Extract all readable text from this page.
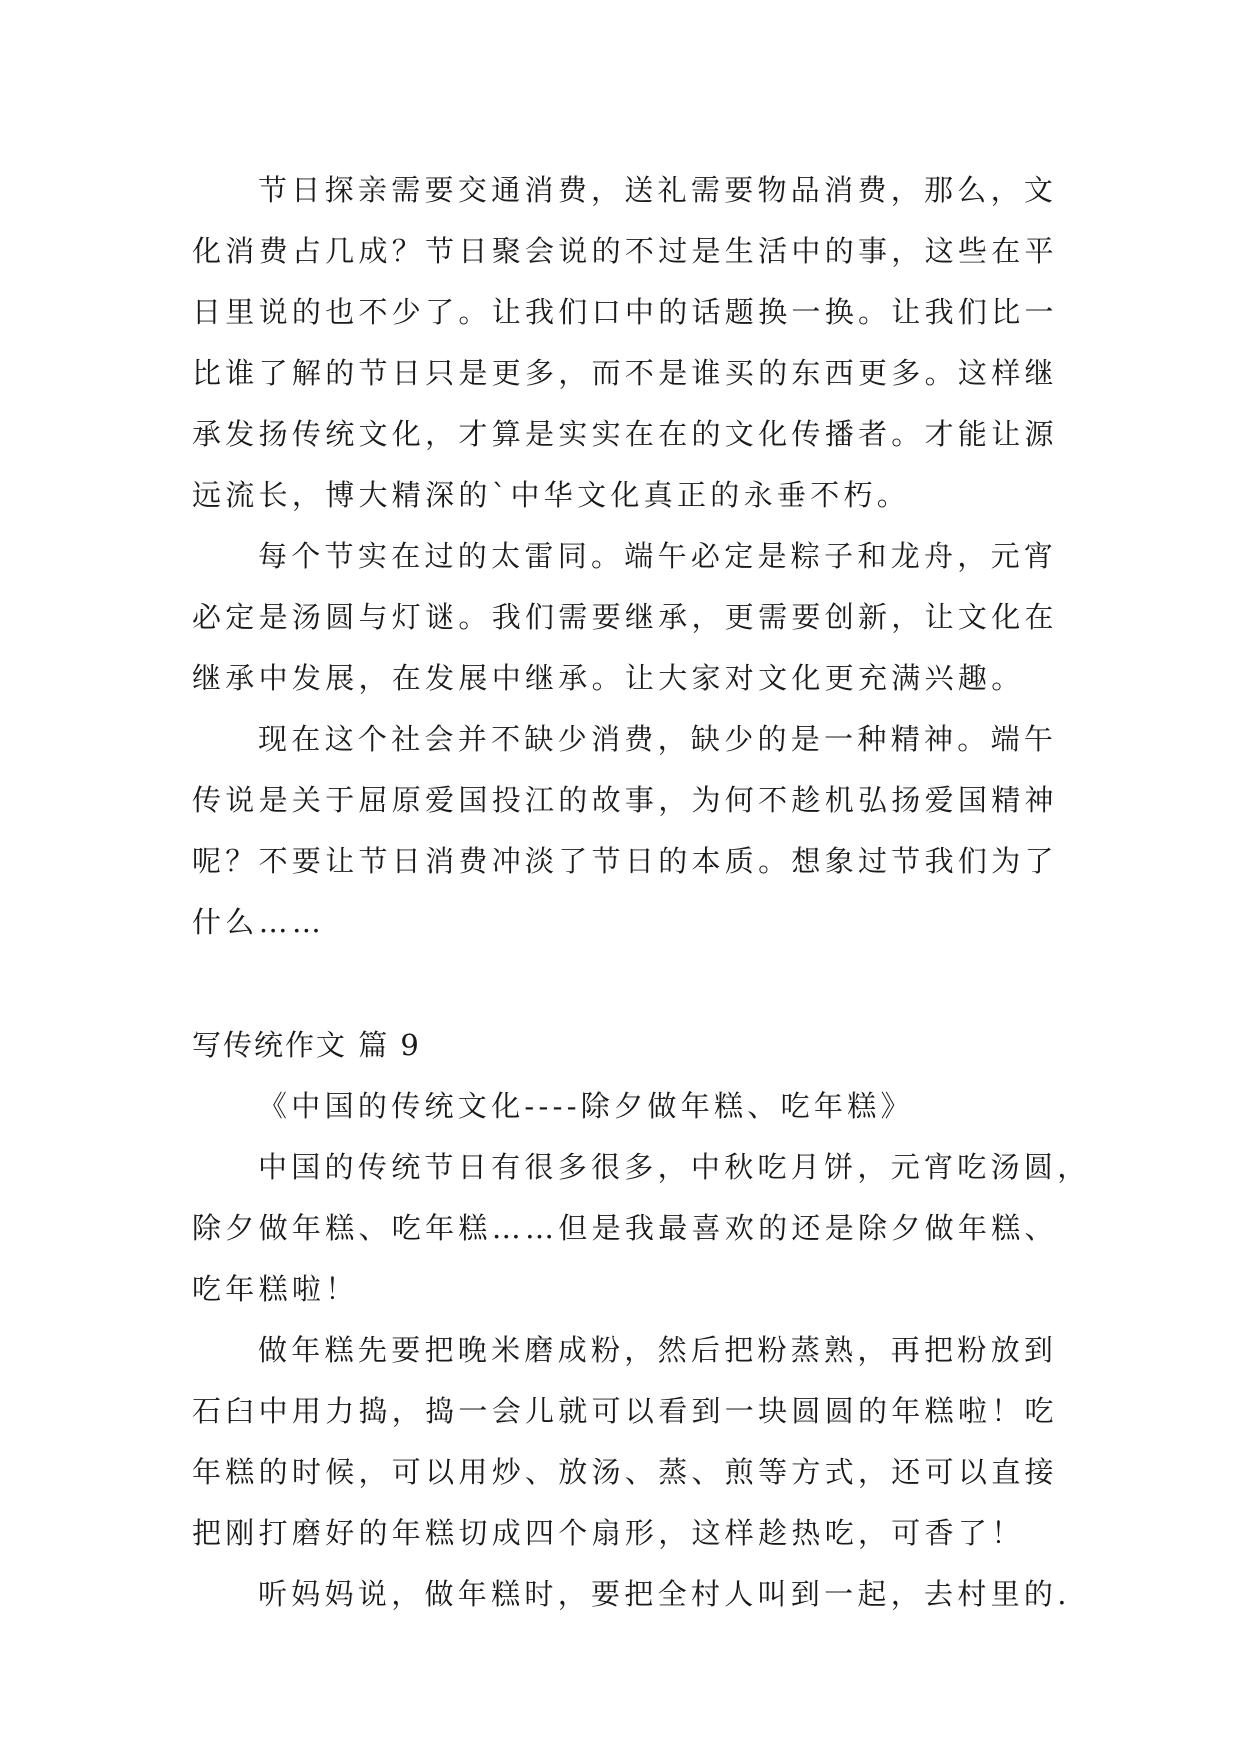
节日探亲需要交通消费，送礼需要物品消费，那么，文
化消费占几成？节日聚会说的不过是生活中的事，这些在平
日里说的也不少了。让我们口中的话题换一换。让我们比一
比谁了解的节日只是更多，而不是谁买的东西更多。这样继
承发扬传统文化，才算是实实在在的文化传播者。才能让源
远流长，博大精深的`中华文化真正的永垂不朽。
每个节实在过的太雷同。端午必定是粽子和龙舟，元宵
必定是汤圆与灯谜。我们需要继承，更需要创新，让文化在
继承中发展，在发展中继承。让大家对文化更充满兴趣。
现在这个社会并不缺少消费，缺少的是一种精神。端午
传说是关于屈原爱国投江的故事，为何不趁机弘扬爱国精神
呢？不要让节日消费冲淡了节日的本质。想象过节我们为了
什么……
写传统作文 篇 9
《中国的传统文化----除夕做年糕、吃年糕》
中国的传统节日有很多很多，中秋吃月饼，元宵吃汤圆，
除夕做年糕、吃年糕……但是我最喜欢的还是除夕做年糕、
吃年糕啦！
做年糕先要把晚米磨成粉，然后把粉蒸熟，再把粉放到
石臼中用力捣，捣一会儿就可以看到一块圆圆的年糕啦！吃
年糕的时候，可以用炒、放汤、蒸、煎等方式，还可以直接
把刚打磨好的年糕切成四个扇形，这样趁热吃，可香了！
听妈妈说，做年糕时，要把全村人叫到一起，去村里的.
